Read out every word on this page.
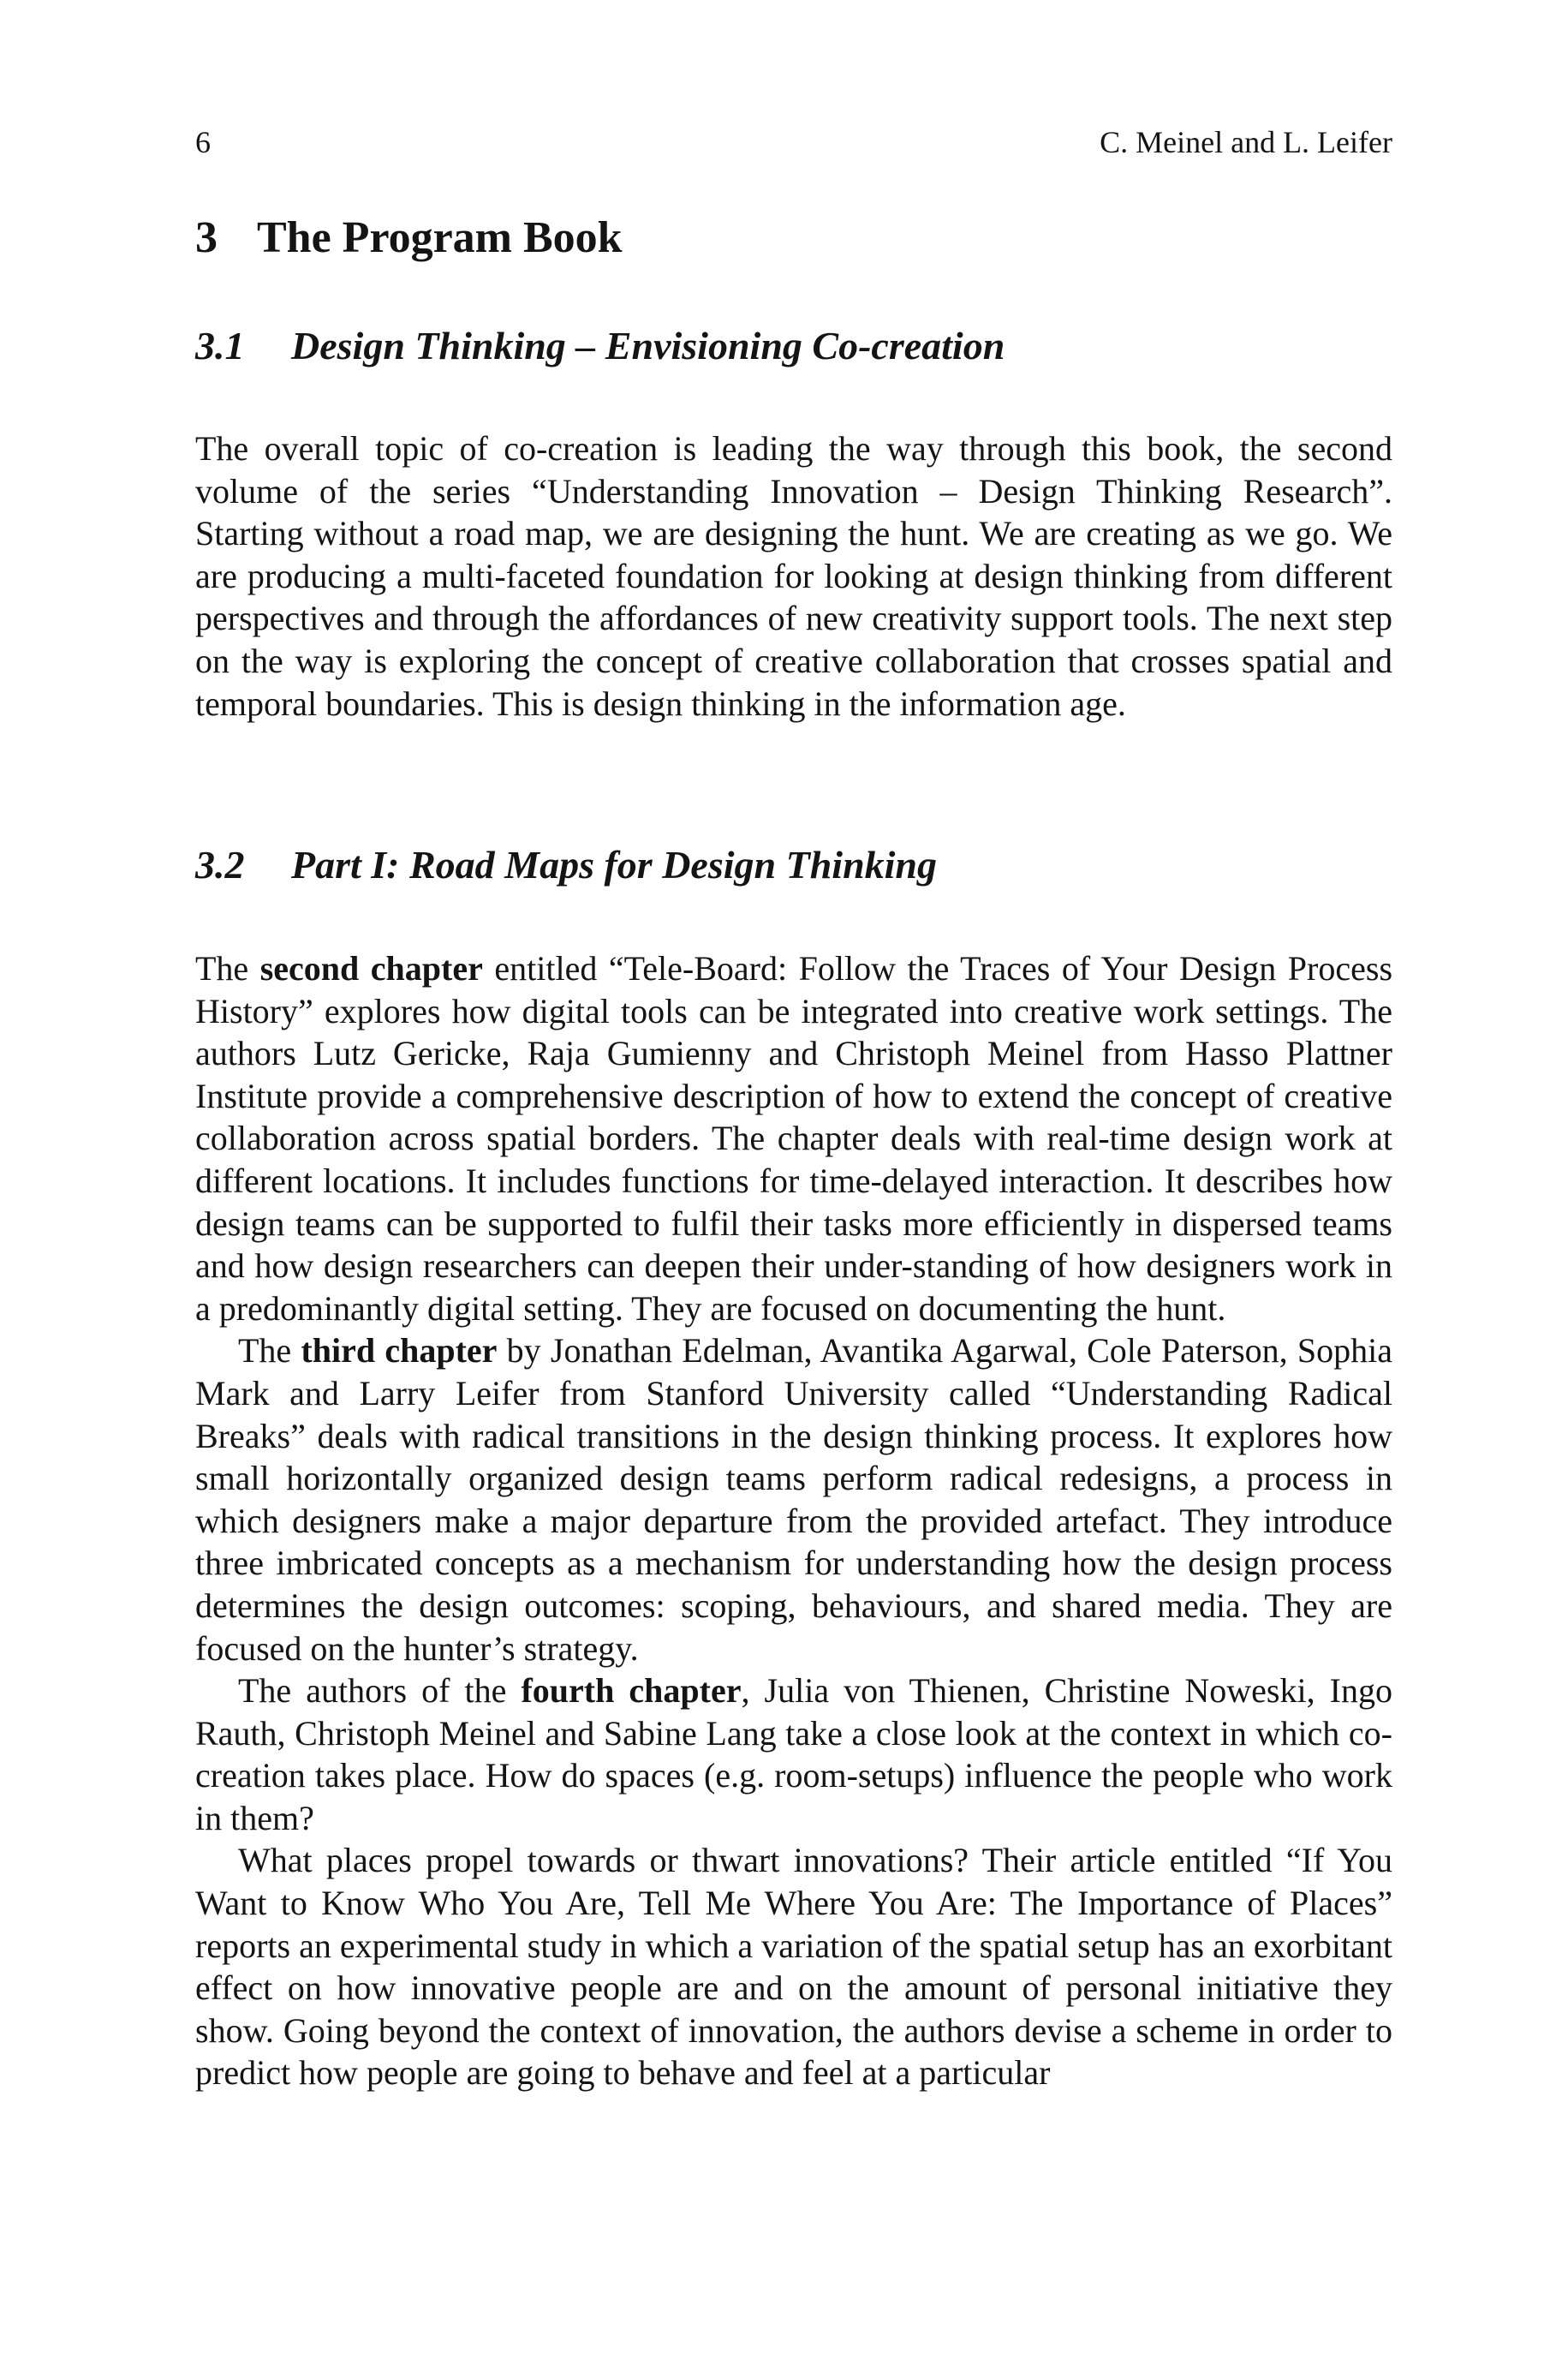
6	C. Meinel and L. Leifer
3 The Program Book
3.1 Design Thinking – Envisioning Co-creation

The overall topic of co-creation is leading the way through this book, the second volume of the series “Understanding Innovation – Design Thinking Research”. Starting without a road map, we are designing the hunt. We are creating as we go. We are producing a multi-faceted foundation for looking at design thinking from different perspectives and through the affordances of new creativity support tools. The next step on the way is exploring the concept of creative collaboration that crosses spatial and temporal boundaries. This is design thinking in the information age.

3.2 Part I: Road Maps for Design Thinking

The second chapter entitled “Tele-Board: Follow the Traces of Your Design Process History” explores how digital tools can be integrated into creative work settings. The authors Lutz Gericke, Raja Gumienny and Christoph Meinel from Hasso Plattner Institute provide a comprehensive description of how to extend the concept of creative collaboration across spatial borders. The chapter deals with real-time design work at different locations. It includes functions for time-delayed interaction. It describes how design teams can be supported to fulfil their tasks more efficiently in dispersed teams and how design researchers can deepen their under-standing of how designers work in a predominantly digital setting. They are focused on documenting the hunt.

The third chapter by Jonathan Edelman, Avantika Agarwal, Cole Paterson, Sophia Mark and Larry Leifer from Stanford University called “Understanding Radical Breaks” deals with radical transitions in the design thinking process. It explores how small horizontally organized design teams perform radical redesigns, a process in which designers make a major departure from the provided artefact. They introduce three imbricated concepts as a mechanism for understanding how the design process determines the design outcomes: scoping, behaviours, and shared media. They are focused on the hunter’s strategy.

The authors of the fourth chapter, Julia von Thienen, Christine Noweski, Ingo Rauth, Christoph Meinel and Sabine Lang take a close look at the context in which co-creation takes place. How do spaces (e.g. room-setups) influence the people who work in them?

What places propel towards or thwart innovations? Their article entitled “If You Want to Know Who You Are, Tell Me Where You Are: The Importance of Places” reports an experimental study in which a variation of the spatial setup has an exorbitant effect on how innovative people are and on the amount of personal initiative they show. Going beyond the context of innovation, the authors devise a scheme in order to predict how people are going to behave and feel at a particular
